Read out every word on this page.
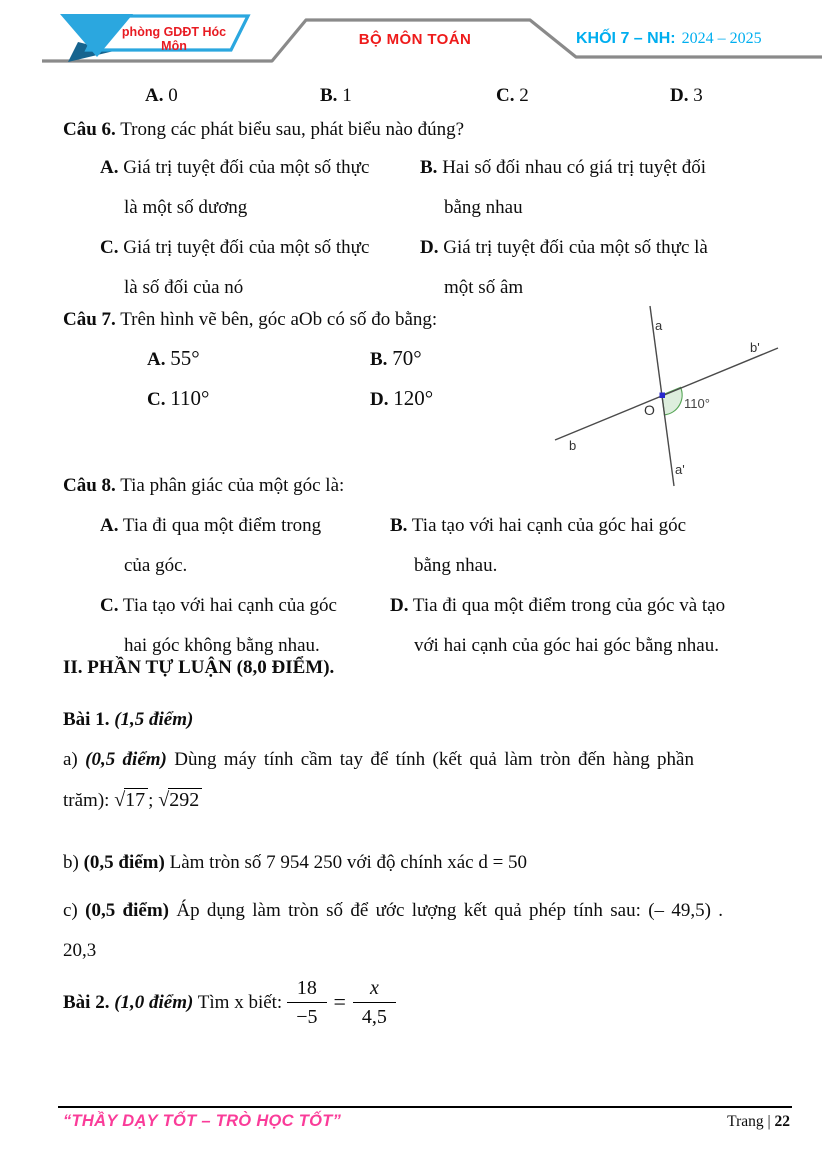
phòng GDĐT Hóc Môn	BỘ MÔN TOÁN	KHỐI 7 – NH: 2024 – 2025
A. 0	B. 1	C. 2	D. 3
Câu 6. Trong các phát biểu sau, phát biểu nào đúng?
A. Giá trị tuyệt đối của một số thực
là một số dương
B. Hai số đối nhau có giá trị tuyệt đối
bằng nhau
C. Giá trị tuyệt đối của một số thực
là số đối của nó
D. Giá trị tuyệt đối của một số thực là
một số âm
Câu 7. Trên hình vẽ bên, góc aOb có số đo bằng:
A. 55°	B. 70°
C. 110°	D. 120°
a
b'
b
a'
O 110°
Câu 8. Tia phân giác của một góc là:
A. Tia đi qua một điểm trong
của góc.
B. Tia tạo với hai cạnh của góc hai góc
bằng nhau.
C. Tia tạo với hai cạnh của góc
hai góc không bằng nhau.
D. Tia đi qua một điểm trong của góc và tạo
với hai cạnh của góc hai góc bằng nhau.
II. PHẦN TỰ LUẬN (8,0 ĐIỂM).
Bài 1. (1,5 điểm)
a) (0,5 điểm) Dùng máy tính cầm tay để tính (kết quả làm tròn đến hàng phần
trăm): √17 ; √292
b) (0,5 điểm) Làm tròn số 7 954 250 với độ chính xác d = 50
c) (0,5 điểm) Áp dụng làm tròn số để ước lượng kết quả phép tính sau: (– 49,5) .
20,3
Bài 2. (1,0 điểm) Tìm x biết: $\frac{18}{-5} = \frac{x}{4,5}$
“THẦY DẠY TỐT – TRÒ HỌC TỐT”	Trang | 22
